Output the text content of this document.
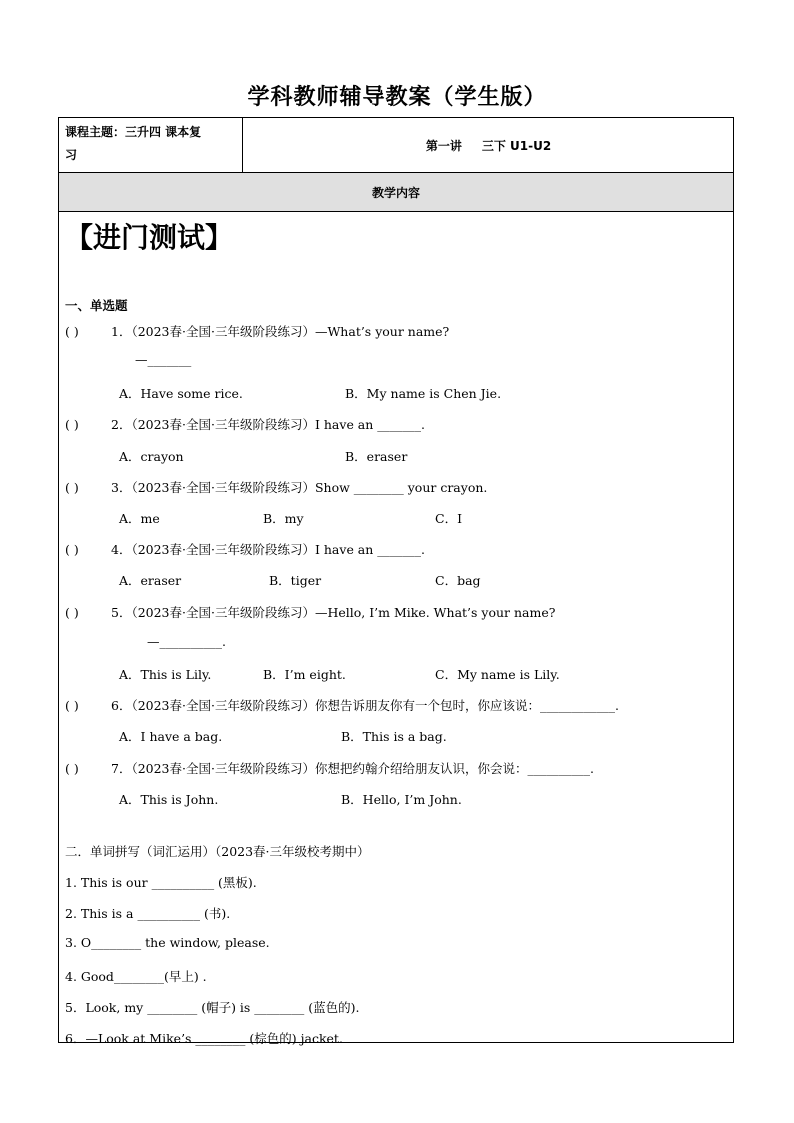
学科教师辅导教案（学生版）
课程主题：三升四 课本复
习
第一讲 三下 U1-U2
教学内容
【进门测试】
一、单选题
( )	1．（2023春·全国·三年级阶段练习）—What’s your name?
—_______
A．Have some rice.	B．My name is Chen Jie.
( )	2．（2023春·全国·三年级阶段练习）I have an _______.
A．crayon	B．eraser
( )	3．（2023春·全国·三年级阶段练习）Show ________ your crayon.
A．me	B．my	C．I
( )	4．（2023春·全国·三年级阶段练习）I have an _______.
A．eraser	B．tiger	C．bag
( )	5．（2023春·全国·三年级阶段练习）—Hello, I’m Mike. What’s your name?
—__________.
A．This is Lily.	B．I’m eight.	C．My name is Lily.
( )	6．（2023春·全国·三年级阶段练习）你想告诉朋友你有一个包时，你应该说：____________.
A．I have a bag.	B．This is a bag.
( )	7．（2023春·全国·三年级阶段练习）你想把约翰介绍给朋友认识，你会说：__________.
A．This is John.	B．Hello, I’m John.
二．单词拼写（词汇运用）（2023春·三年级校考期中）
1. This is our __________ (黑板).
2. This is a __________ (书).
3. O________ the window, please.
4. Good________(早上) .
5．Look, my ________ (帽子) is ________ (蓝色的).
6．—Look at Mike’s ________ (棕色的) jacket.
